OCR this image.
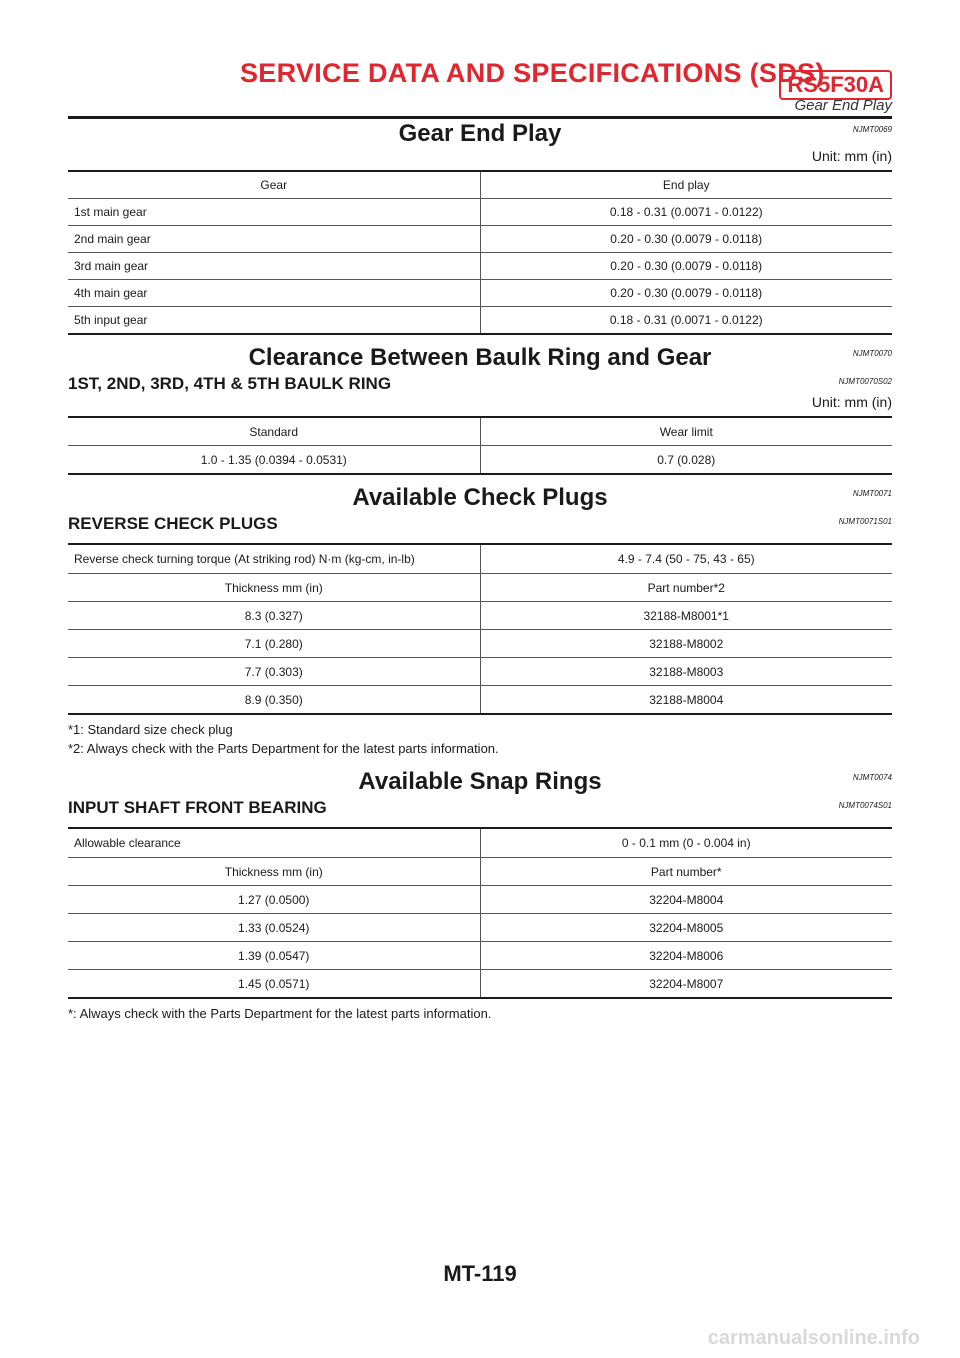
SERVICE DATA AND SPECIFICATIONS (SDS)
RS5F30A
Gear End Play
Gear End Play	NJMT0069
Unit: mm (in)
Gear	End play
1st main gear	0.18 - 0.31 (0.0071 - 0.0122)
2nd main gear	0.20 - 0.30 (0.0079 - 0.0118)
3rd main gear	0.20 - 0.30 (0.0079 - 0.0118)
4th main gear	0.20 - 0.30 (0.0079 - 0.0118)
5th input gear	0.18 - 0.31 (0.0071 - 0.0122)
Clearance Between Baulk Ring and Gear	NJMT0070
1ST, 2ND, 3RD, 4TH & 5TH BAULK RING	NJMT0070S02
Unit: mm (in)
Standard	Wear limit
1.0 - 1.35 (0.0394 - 0.0531)	0.7 (0.028)
Available Check Plugs	NJMT0071
REVERSE CHECK PLUGS	NJMT0071S01
Reverse check turning torque (At striking rod) N·m (kg-cm, in-lb)	4.9 - 7.4 (50 - 75, 43 - 65)
Thickness mm (in)	Part number*2
8.3 (0.327)	32188-M8001*1
7.1 (0.280)	32188-M8002
7.7 (0.303)	32188-M8003
8.9 (0.350)	32188-M8004
*1: Standard size check plug
*2: Always check with the Parts Department for the latest parts information.
Available Snap Rings	NJMT0074
INPUT SHAFT FRONT BEARING	NJMT0074S01
Allowable clearance	0 - 0.1 mm (0 - 0.004 in)
Thickness mm (in)	Part number*
1.27 (0.0500)	32204-M8004
1.33 (0.0524)	32204-M8005
1.39 (0.0547)	32204-M8006
1.45 (0.0571)	32204-M8007
*: Always check with the Parts Department for the latest parts information.
MT-119
carmanualsonline.info
